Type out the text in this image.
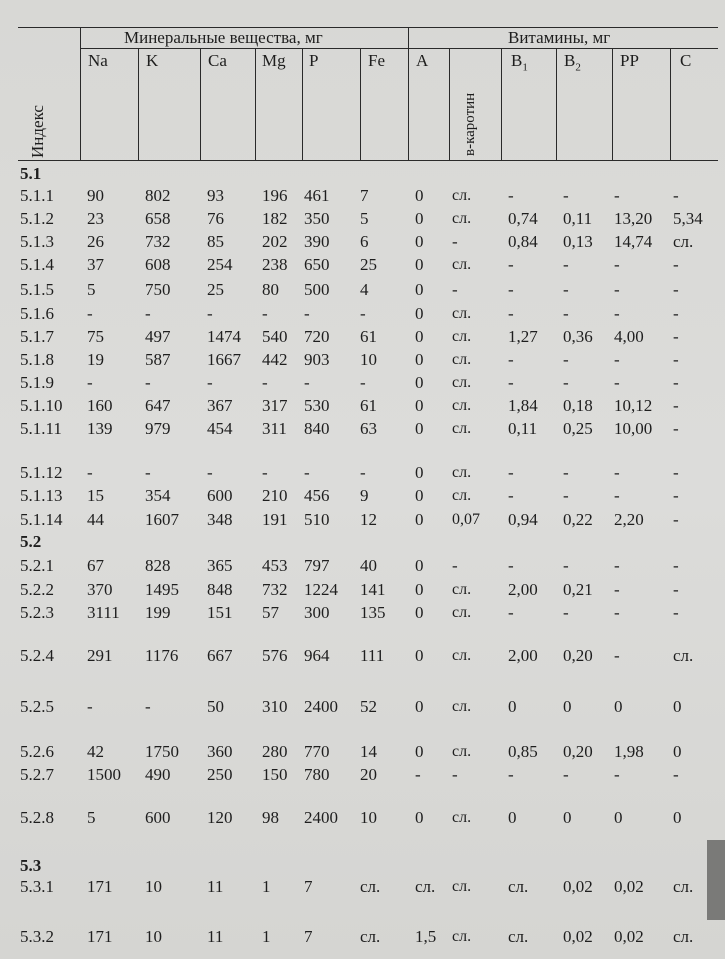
Индекс
Минеральные вещества, мг	Витамины, мг
Na K	Ca Mg P	Fe A
в-каротин
$B_1$ $B_2$ PP C
5.1
5.1.1 90 802 93 196 461 7	0 сл. -	-	-	-
5.1.2 23 658 76 182 350 5	0 сл. 0,74 0,11 13,20 5,34
5.1.3 26 732 85 202 390 6	0 -	0,84 0,13 14,74 сл.
5.1.4 37 608 254 238 650 25 0 сл. -	-	-	-
5.1.5 5	750 25 80 500 4	0 -	-	-	-	-
5.1.6 -	-	-	- -	-	0 сл. -	-	-	-
5.1.7 75 497 1474 540 720 61 0 сл. 1,27 0,36 4,00 -
5.1.8 19 587 1667 442 903 10 0 сл. -	-	-	-
5.1.9 -	-	-	- -	-	0 сл. -	-	-	-
5.1.10 160 647 367 317 530 61 0 сл. 1,84 0,18 10,12 -
5.1.11 139 979 454 311 840 63 0 сл. 0,11 0,25 10,00 -
5.1.12 -	-	-	- -	-	0 сл. -	-	-	-
5.1.13 15 354 600 210 456 9	0 сл. -	-	-	-
5.1.14 44 1607 348 191 510 12 0 0,07 0,94 0,22 2,20 -
5.2
5.2.1 67 828 365 453 797 40 0 -	-	-	-	-
5.2.2 370 1495 848 732 1224 141 0 сл. 2,00 0,21 -	-
5.2.3 3111 199 151 57 300 135 0 сл. -	-	-	-
5.2.4 291 1176 667 576 964 111 0 сл. 2,00 0,20 -	сл.
5.2.5 -	-	50 310 2400 52 0 сл. 0	0	0	0
5.2.6 42 1750 360 280 770 14 0 сл. 0,85 0,20 1,98 0
5.2.7 1500 490 250 150 780 20 - -	-	-	-	-
5.2.8 5	600 120 98 2400 10 0 сл. 0	0	0	0
5.3
5.3.1 171 10	11 1 7	сл. сл. сл. сл. 0,02 0,02 сл.
5.3.2 171 10	11 1 7	сл. 1,5 сл. сл. 0,02 0,02 сл.
